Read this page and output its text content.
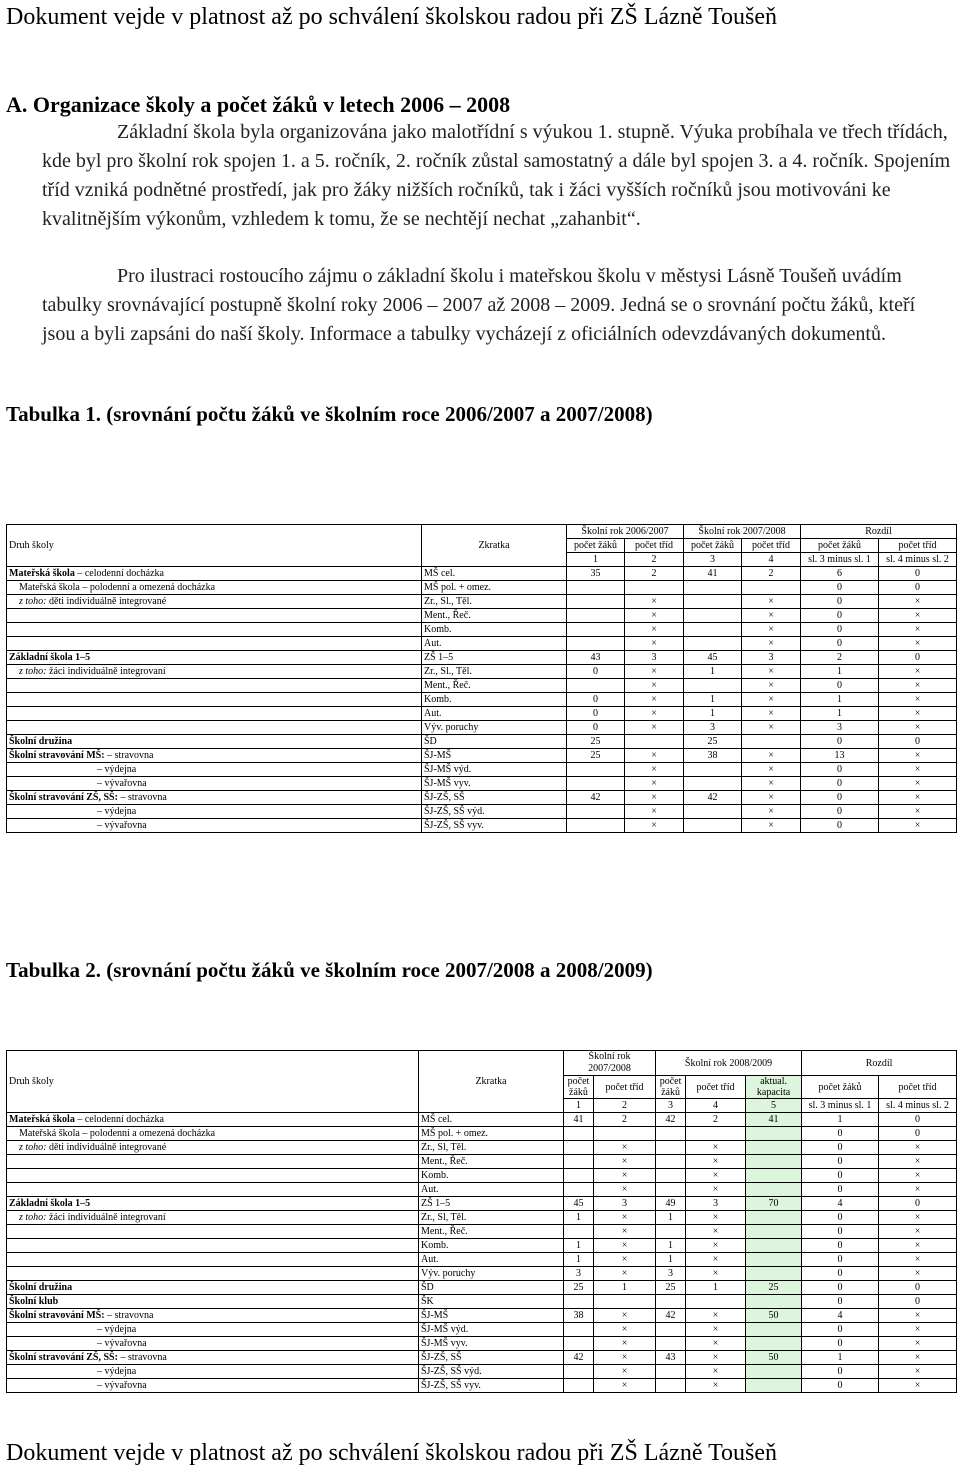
Dokument vejde v platnost až po schválení školskou radou při ZŠ Lázně Toušeň
A. Organizace školy a počet žáků v letech 2006 – 2008
Základní škola byla organizována jako malotřídní s výukou 1. stupně. Výuka probíhala ve třech třídách, kde byl pro školní rok spojen 1. a 5. ročník, 2. ročník zůstal samostatný a dále byl spojen 3. a 4. ročník. Spojením tříd vzniká podnětné prostředí, jak pro žáky nižších ročníků, tak i žáci vyšších ročníků jsou motivováni ke kvalitnějším výkonům, vzhledem k tomu, že se nechtějí nechat „zahanbit“.
Pro ilustraci rostoucího zájmu o základní školu i mateřskou školu v městysi Lásně Toušeň uvádím tabulky srovnávající postupně školní roky 2006 – 2007 až 2008 – 2009. Jedná se o srovnání počtu žáků, kteří jsou a byli zapsáni do naší školy. Informace a tabulky vycházejí z oficiálních odevzdávaných dokumentů.
Tabulka 1. (srovnání počtu žáků ve školním roce 2006/2007 a 2007/2008)
Druh školy	Zkratka	Školní rok 2006/2007		Školní rok 2007/2008		Rozdíl	
		počet žáků	počet tříd	počet žáků	počet tříd	počet žáků	počet tříd
		1	2	3	4	sl. 3 minus sl. 1	sl. 4 minus sl. 2
Mateřská škola – celodenní docházka	MŠ cel.	35	2	41	2	6	0
Mateřská škola – polodenní a omezená docházka	MŠ pol. + omez.					0	0
z toho: děti individuálně integrované	Zr., Sl., Těl.		×		×	0	×
	Ment., Řeč.		×		×	0	×
	Komb.		×		×	0	×
	Aut.		×		×	0	×
Základní škola 1–5	ZŠ 1–5	43	3	45	3	2	0
z toho: žáci individuálně integrovaní	Zr., Sl., Těl.	0	×	1	×	1	×
	Ment., Řeč.		×		×	0	×
	Komb.	0	×	1	×	1	×
	Aut.	0	×	1	×	1	×
	Výv. poruchy	0	×	3	×	3	×
Školní družina	ŠD	25		25		0	0
Školní stravování MŠ: – stravovna	ŠJ-MŠ	25	×	38	×	13	×
– výdejna	ŠJ-MŠ výd.		×		×	0	×
– vývařovna	ŠJ-MŠ vyv.		×		×	0	×
Školní stravování ZŠ, SŠ: – stravovna	ŠJ-ZŠ, SŠ	42	×	42	×	0	×
– výdejna	ŠJ-ZŠ, SŠ výd.		×		×	0	×
– vývařovna	ŠJ-ZŠ, SŠ vyv.		×		×	0	×
Tabulka 2. (srovnání počtu žáků ve školním roce 2007/2008 a 2008/2009)
Druh školy	Zkratka	Školní rok 2007/2008		Školní rok 2008/2009			Rozdíl	
		počet žáků	počet tříd	počet žáků	počet tříd	aktual. kapacita	počet žáků	počet tříd
		1	2	3	4	5	sl. 3 minus sl. 1	sl. 4 minus sl. 2
Mateřská škola – celodenní docházka	MŠ cel.	41	2	42	2	41	1	0
Mateřská škola – polodenní a omezená docházka	MŠ pol. + omez.						0	0
z toho: děti individuálně integrované	Zr., Sl, Těl.		×		×		0	×
	Ment., Řeč.		×		×		0	×
	Komb.		×		×		0	×
	Aut.		×		×		0	×
Základní škola 1–5	ZŠ 1–5	45	3	49	3	70	4	0
z toho: žáci individuálně integrovaní	Zr., Sl, Těl.	1	×	1	×		0	×
	Ment., Řeč.		×		×		0	×
	Komb.	1	×	1	×		0	×
	Aut.	1	×	1	×		0	×
	Výv. poruchy	3	×	3	×		0	×
Školní družina	ŠD	25	1	25	1	25	0	0
Školní klub	ŠK						0	0
Školní stravování MŠ: – stravovna	ŠJ-MŠ	38	×	42	×	50	4	×
– výdejna	ŠJ-MŠ výd.		×		×		0	×
– vývařovna	ŠJ-MŠ vyv.		×		×		0	×
Školní stravování ZŠ, SŠ: – stravovna	ŠJ-ZŠ, SŠ	42	×	43	×	50	1	×
– výdejna	ŠJ-ZŠ, SŠ výd.		×		×		0	×
– vývařovna	ŠJ-ZŠ, SŠ vyv.		×		×		0	×
Dokument vejde v platnost až po schválení školskou radou při ZŠ Lázně Toušeň
